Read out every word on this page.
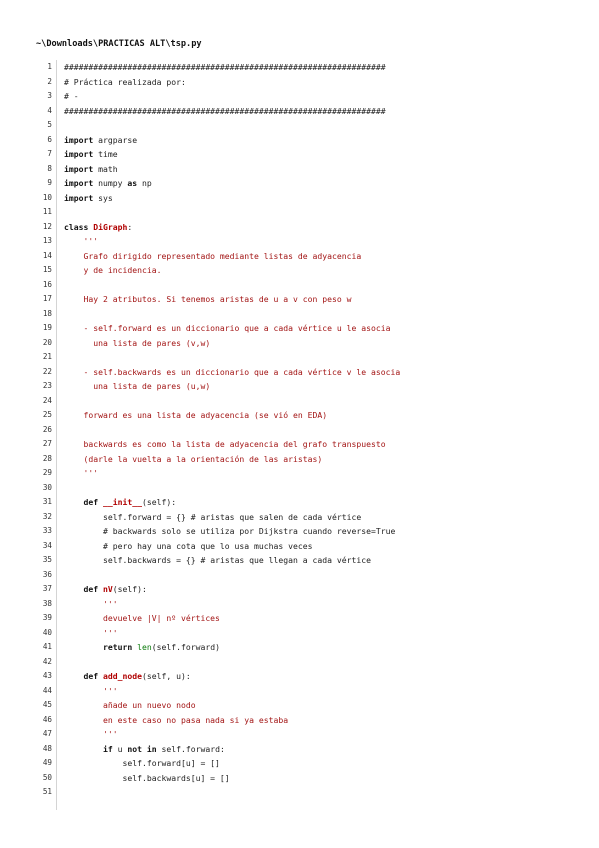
~\Downloads\PRACTICAS ALT\tsp.py
1 ##################################################################
2 # Práctica realizada por:
3 # -
4 ##################################################################
5
6 import argparse
7 import time
8 import math
9 import numpy as np
10 import sys
11
12 class DiGraph:
13 '''
14 Grafo dirigido representado mediante listas de adyacencia
15 y de incidencia.
16
17 Hay 2 atributos. Si tenemos aristas de u a v con peso w
18
19 - self.forward es un diccionario que a cada vértice u le asocia
20 una lista de pares (v,w)
21
22 - self.backwards es un diccionario que a cada vértice v le asocia
23 una lista de pares (u,w)
24
25 forward es una lista de adyacencia (se vió en EDA)
26
27 backwards es como la lista de adyacencia del grafo transpuesto
28 (darle la vuelta a la orientación de las aristas)
29 '''
30
31	def __init__(self):
32 self.forward = {} # aristas que salen de cada vértice
33 # backwards solo se utiliza por Dijkstra cuando reverse=True
34 # pero hay una cota que lo usa muchas veces
35 self.backwards = {} # aristas que llegan a cada vértice
36
37	def nV(self):
38 '''
39 devuelve |V| nº vértices
40 '''
41	return len(self.forward)
42
43	def add_node(self, u):
44 '''
45 añade un nuevo nodo
46 en este caso no pasa nada si ya estaba
47 '''
48	if u not in self.forward:
49 self.forward[u] = []
50 self.backwards[u] = []
51
